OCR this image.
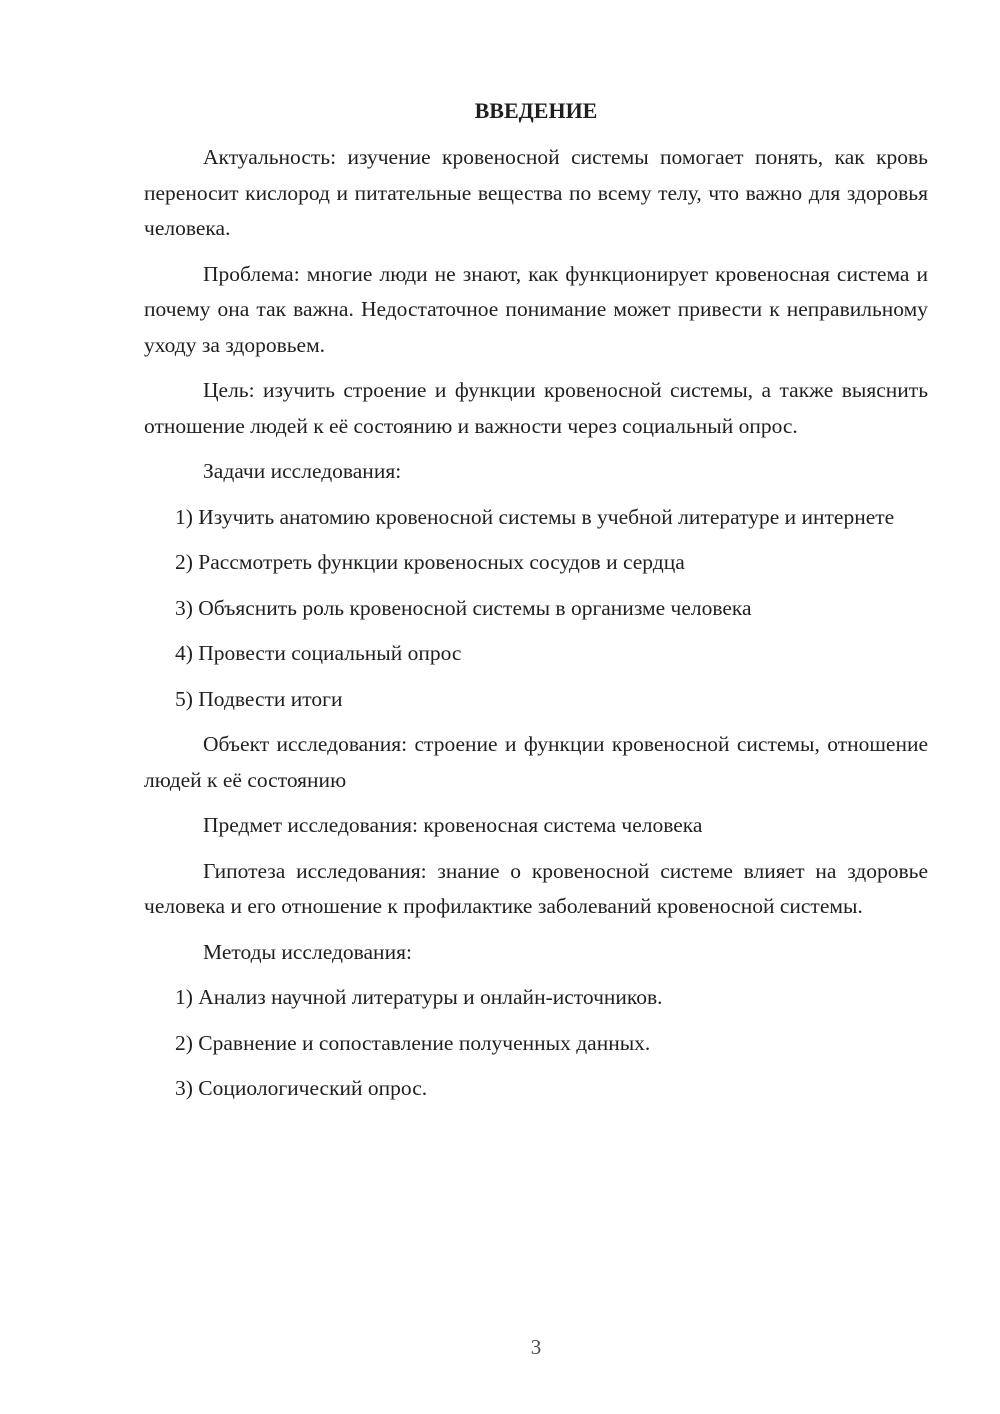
ВВЕДЕНИЕ

Актуальность: изучение кровеносной системы помогает понять, как кровь переносит кислород и питательные вещества по всему телу, что важно для здоровья человека.

Проблема: многие люди не знают, как функционирует кровеносная система и почему она так важна. Недостаточное понимание может привести к неправильному уходу за здоровьем.

Цель: изучить строение и функции кровеносной системы, а также выяснить отношение людей к её состоянию и важности через социальный опрос.

Задачи исследования:

1) Изучить анатомию кровеносной системы в учебной литературе и интернете
2) Рассмотреть функции кровеносных сосудов и сердца
3) Объяснить роль кровеносной системы в организме человека
4) Провести социальный опрос
5) Подвести итоги

Объект исследования: строение и функции кровеносной системы, отношение людей к её состоянию

Предмет исследования: кровеносная система человека

Гипотеза исследования: знание о кровеносной системе влияет на здоровье человека и его отношение к профилактике заболеваний кровеносной системы.

Методы исследования:

1) Анализ научной литературы и онлайн-источников.
2) Сравнение и сопоставление полученных данных.
3) Социологический опрос.
3
